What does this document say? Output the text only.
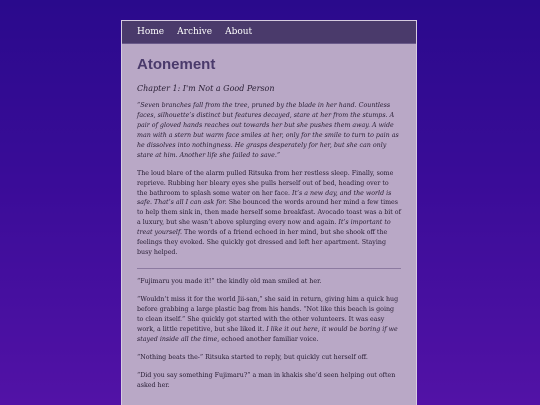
Home Archive About
Atonement
Chapter 1: I'm Not a Good Person

“Seven branches fall from the tree, pruned by the blade in her hand. Countless faces, silhouette’s distinct but features decayed, stare at her from the stumps. A pair of gloved hands reaches out towards her but she pushes them away. A wide man with a stern but warm face smiles at her, only for the smile to turn to pain as he dissolves into nothingness. He grasps desperately for her, but she can only stare at him. Another life she failed to save.”

The loud blare of the alarm pulled Ritsuka from her restless sleep. Finally, some reprieve. Rubbing her bleary eyes she pulls herself out of bed, heading over to the bathroom to splash some water on her face. It’s a new day, and the world is safe. That’s all I can ask for. She bounced the words around her mind a few times to help them sink in, then made herself some breakfast. Avocado toast was a bit of a luxury, but she wasn’t above splurging every now and again. It’s important to treat yourself. The words of a friend echoed in her mind, but she shook off the feelings they evoked. She quickly got dressed and left her apartment. Staying busy helped.

“Fujimaru you made it!” the kindly old man smiled at her.

“Wouldn’t miss it for the world Jii-san,” she said in return, giving him a quick hug before grabbing a large plastic bag from his hands. “Not like this beach is going to clean itself.” She quickly got started with the other volunteers. It was easy work, a little repetitive, but she liked it. I like it out here, it would be boring if we stayed inside all the time, echoed another familiar voice.

“Nothing beats the-” Ritsuka started to reply, but quickly cut herself off.

“Did you say something Fujimaru?” a man in khakis she’d seen helping out often asked her.
